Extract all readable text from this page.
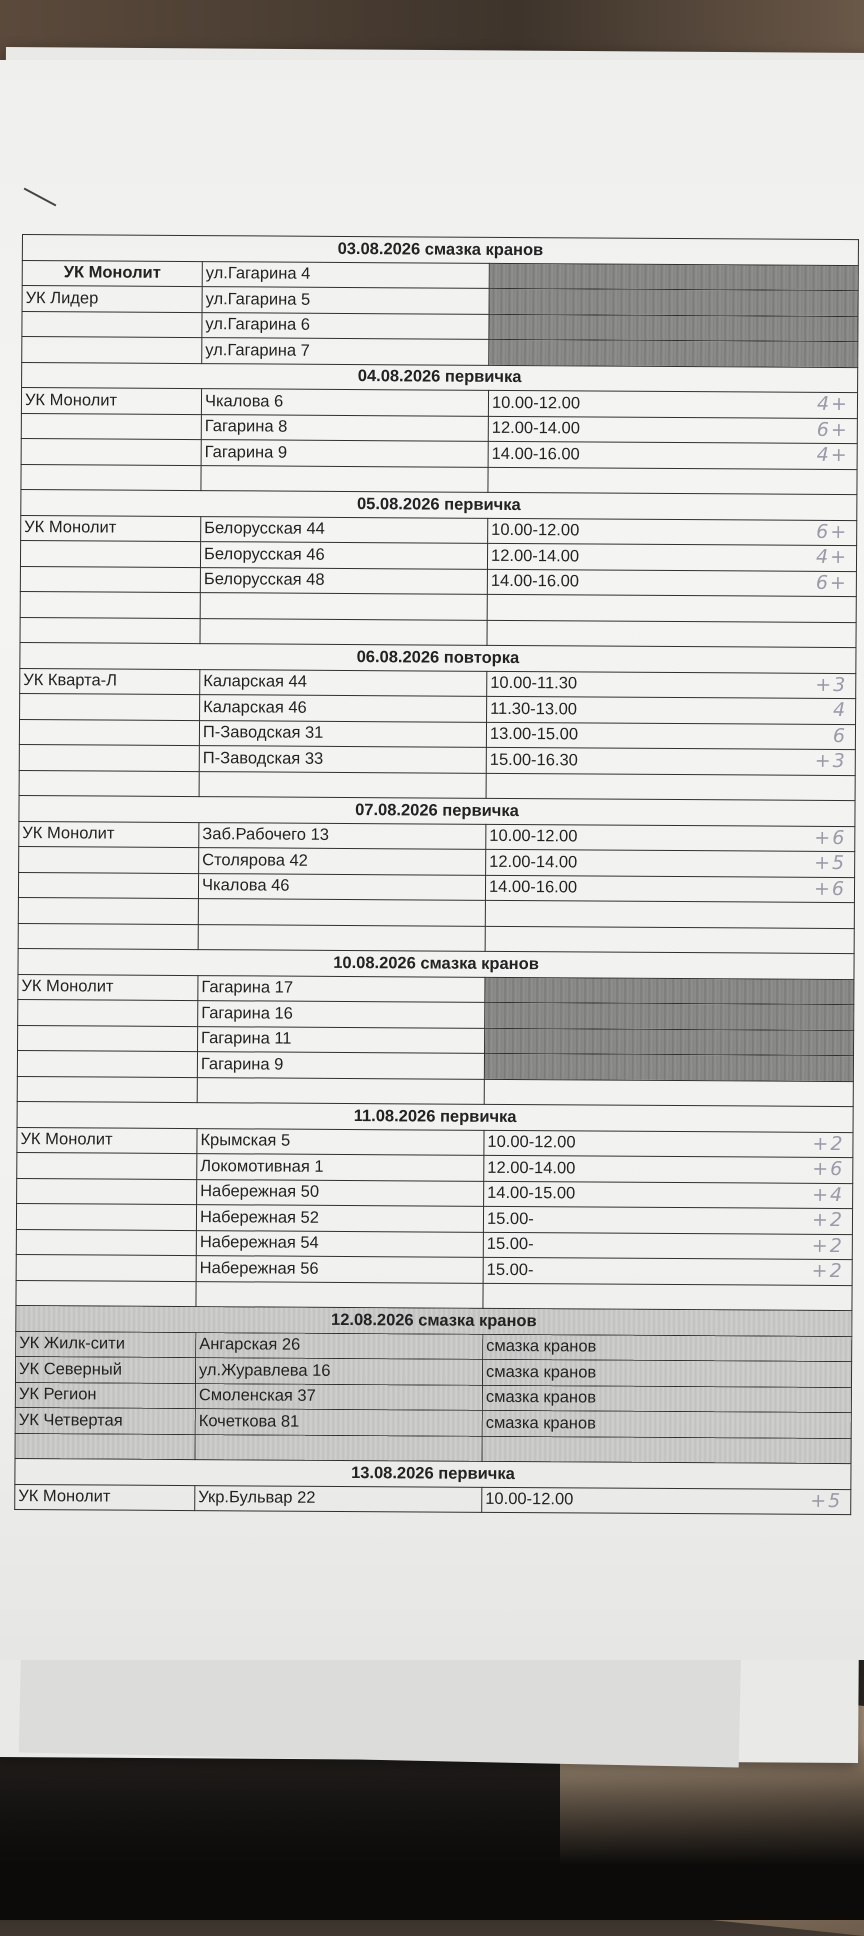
03.08.2026 смазка кранов		
УК Монолит	ул.Гагарина 4	
УК Лидер	ул.Гагарина 5	
	ул.Гагарина 6	
	ул.Гагарина 7	
04.08.2026 первичка		
УК Монолит	Чкалова 6	10.00-12.00 4+

	Гагарина 8	12.00-14.00 6+

	Гагарина 9	14.00-16.00 4+

05.08.2026 первичка		
УК Монолит	Белорусская 44	10.00-12.00 6+

	Белорусская 46	12.00-14.00 4+

	Белорусская 48	14.00-16.00 6+

06.08.2026 повторка		
УК Кварта-Л	Каларская 44	10.00-11.30 +3

	Каларская 46	11.30-13.00 4

	П-Заводская 31	13.00-15.00 6

	П-Заводская 33	15.00-16.30 +3

07.08.2026 первичка		
УК Монолит	Заб.Рабочего 13	10.00-12.00 +6

	Столярова 42	12.00-14.00 +5

	Чкалова 46	14.00-16.00 +6

10.08.2026 смазка кранов		
УК Монолит	Гагарина 17	
	Гагарина 16	
	Гагарина 11	
	Гагарина 9	

11.08.2026 первичка		
УК Монолит	Крымская 5	10.00-12.00 +2

	Локомотивная 1	12.00-14.00 +6

	Набережная 50	14.00-15.00 +4

	Набережная 52	15.00- +2

	Набережная 54	15.00- +2

	Набережная 56	15.00- +2

12.08.2026 смазка кранов		
УК Жилк-сити	Ангарская 26	смазка кранов
УК Северный	ул.Журавлева 16	смазка кранов
УК Регион	Смоленская 37	смазка кранов
УК Четвертая	Кочеткова 81	смазка кранов

13.08.2026 первичка		
УК Монолит	Укр.Бульвар 22	10.00-12.00 +5
